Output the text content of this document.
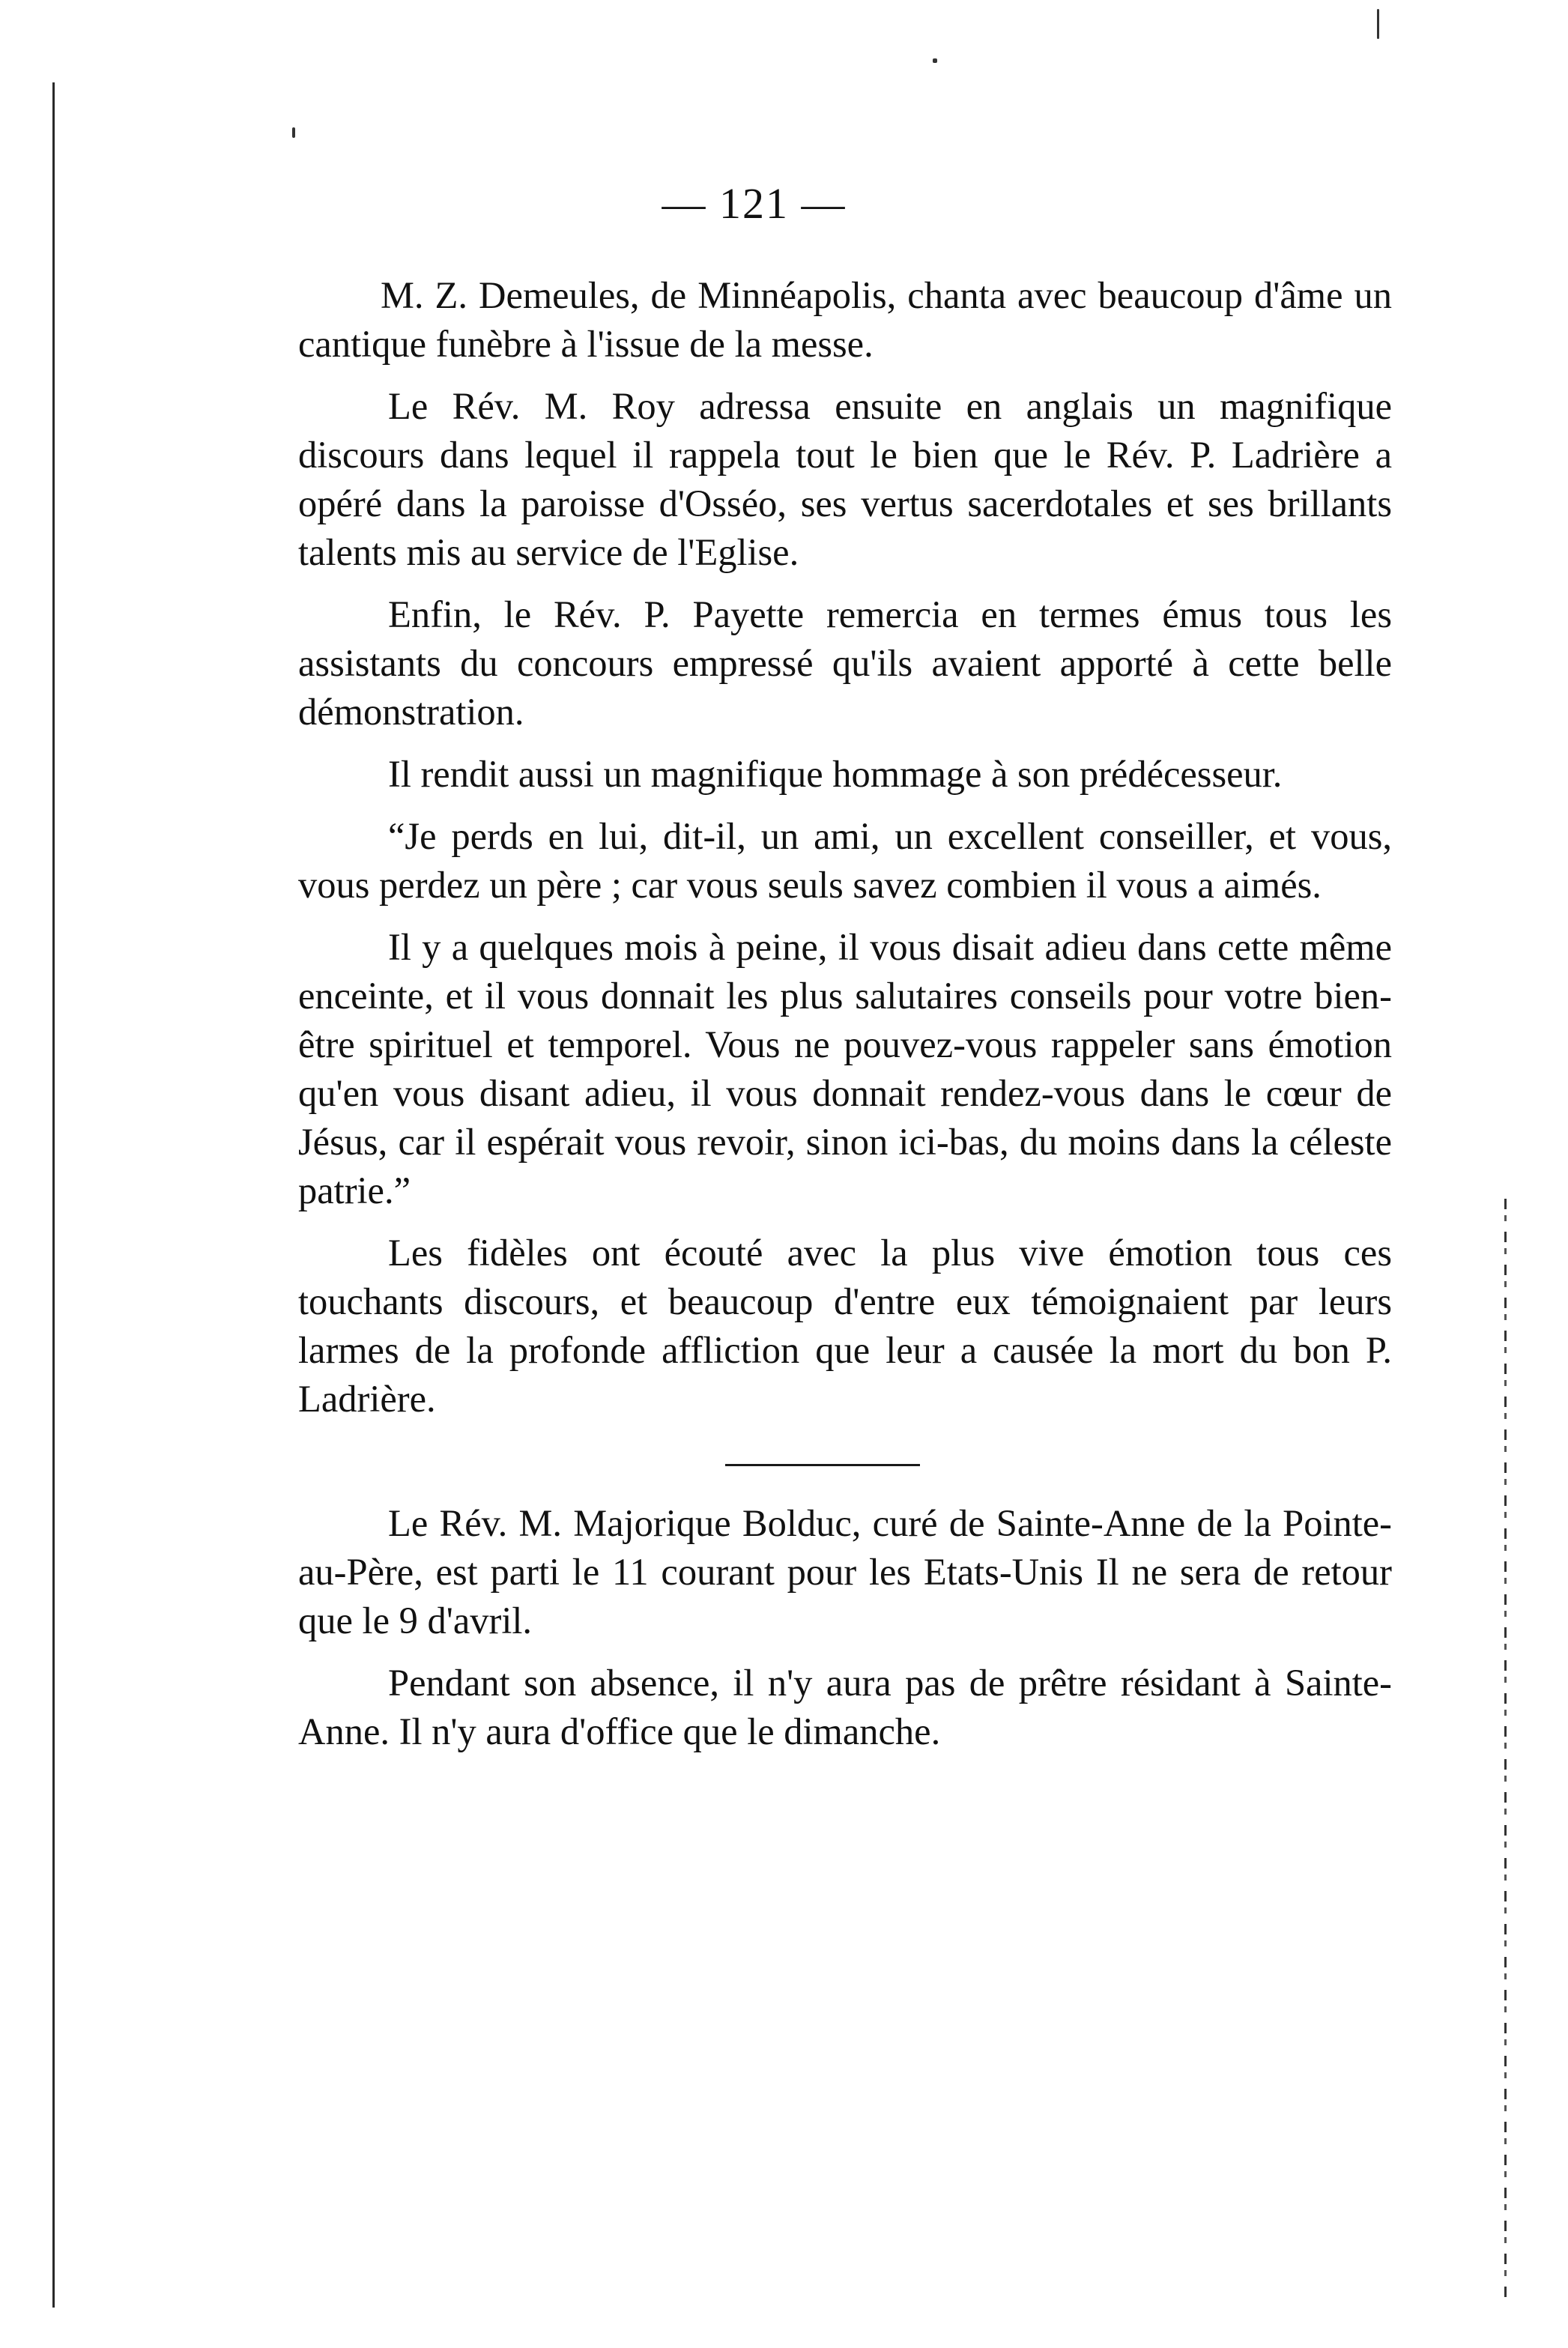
— 121 —

M. Z. Demeules, de Minnéapolis, chanta avec beaucoup d'âme un cantique funèbre à l'issue de la messe.

Le Rév. M. Roy adressa ensuite en anglais un magnifique discours dans lequel il rappela tout le bien que le Rév. P. Ladrière a opéré dans la paroisse d'Osséo, ses vertus sacerdotales et ses brillants talents mis au service de l'Eglise.

Enfin, le Rév. P. Payette remercia en termes émus tous les assistants du concours empressé qu'ils avaient apporté à cette belle démonstration.

Il rendit aussi un magnifique hommage à son prédécesseur.

“Je perds en lui, dit-il, un ami, un excellent conseiller, et vous, vous perdez un père ; car vous seuls savez combien il vous a aimés.

Il y a quelques mois à peine, il vous disait adieu dans cette même enceinte, et il vous donnait les plus salutaires conseils pour votre bien-être spirituel et temporel. Vous ne pouvez-vous rappeler sans émotion qu'en vous disant adieu, il vous donnait rendez-vous dans le cœur de Jésus, car il espérait vous revoir, sinon ici-bas, du moins dans la céleste patrie.”

Les fidèles ont écouté avec la plus vive émotion tous ces touchants discours, et beaucoup d'entre eux témoignaient par leurs larmes de la profonde affliction que leur a causée la mort du bon P. Ladrière.

Le Rév. M. Majorique Bolduc, curé de Sainte-Anne de la Pointe-au-Père, est parti le 11 courant pour les Etats-Unis Il ne sera de retour que le 9 d'avril.

Pendant son absence, il n'y aura pas de prêtre résidant à Sainte-Anne. Il n'y aura d'office que le dimanche.
